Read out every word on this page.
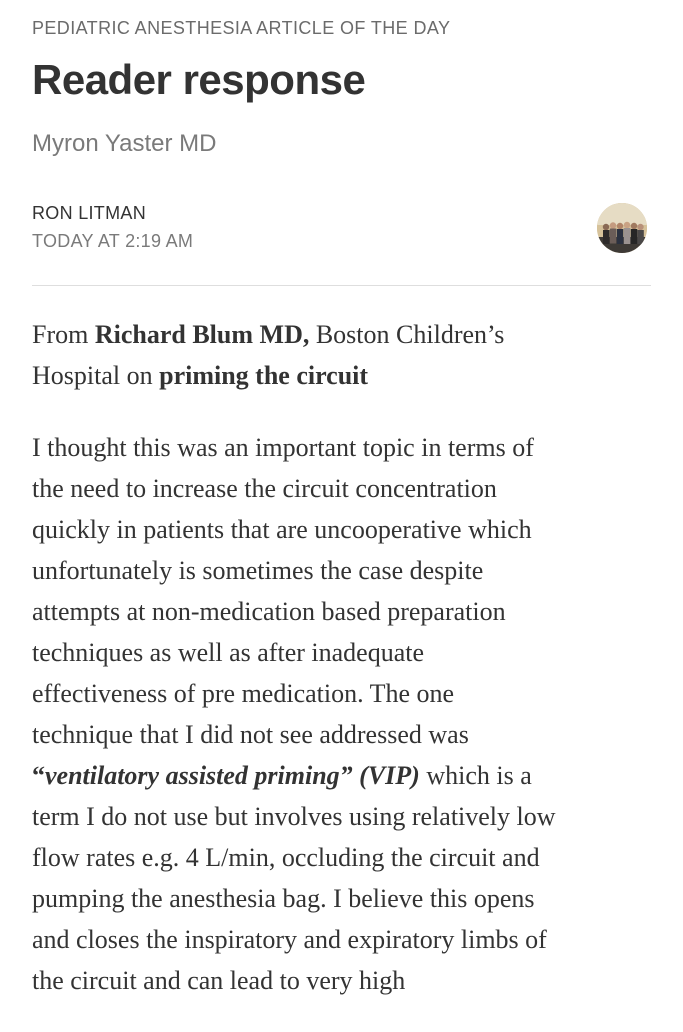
PEDIATRIC ANESTHESIA ARTICLE OF THE DAY
Reader response
Myron Yaster MD
RON LITMAN
TODAY AT 2:19 AM

From Richard Blum MD, Boston Children’s
Hospital on priming the circuit

I thought this was an important topic in terms of
the need to increase the circuit concentration
quickly in patients that are uncooperative which
unfortunately is sometimes the case despite
attempts at non-medication based preparation
techniques as well as after inadequate
effectiveness of pre medication. The one
technique that I did not see addressed was
“ventilatory assisted priming” (VIP) which is a
term I do not use but involves using relatively low
flow rates e.g. 4 L/min, occluding the circuit and
pumping the anesthesia bag. I believe this opens
and closes the inspiratory and expiratory limbs of
the circuit and can lead to very high
